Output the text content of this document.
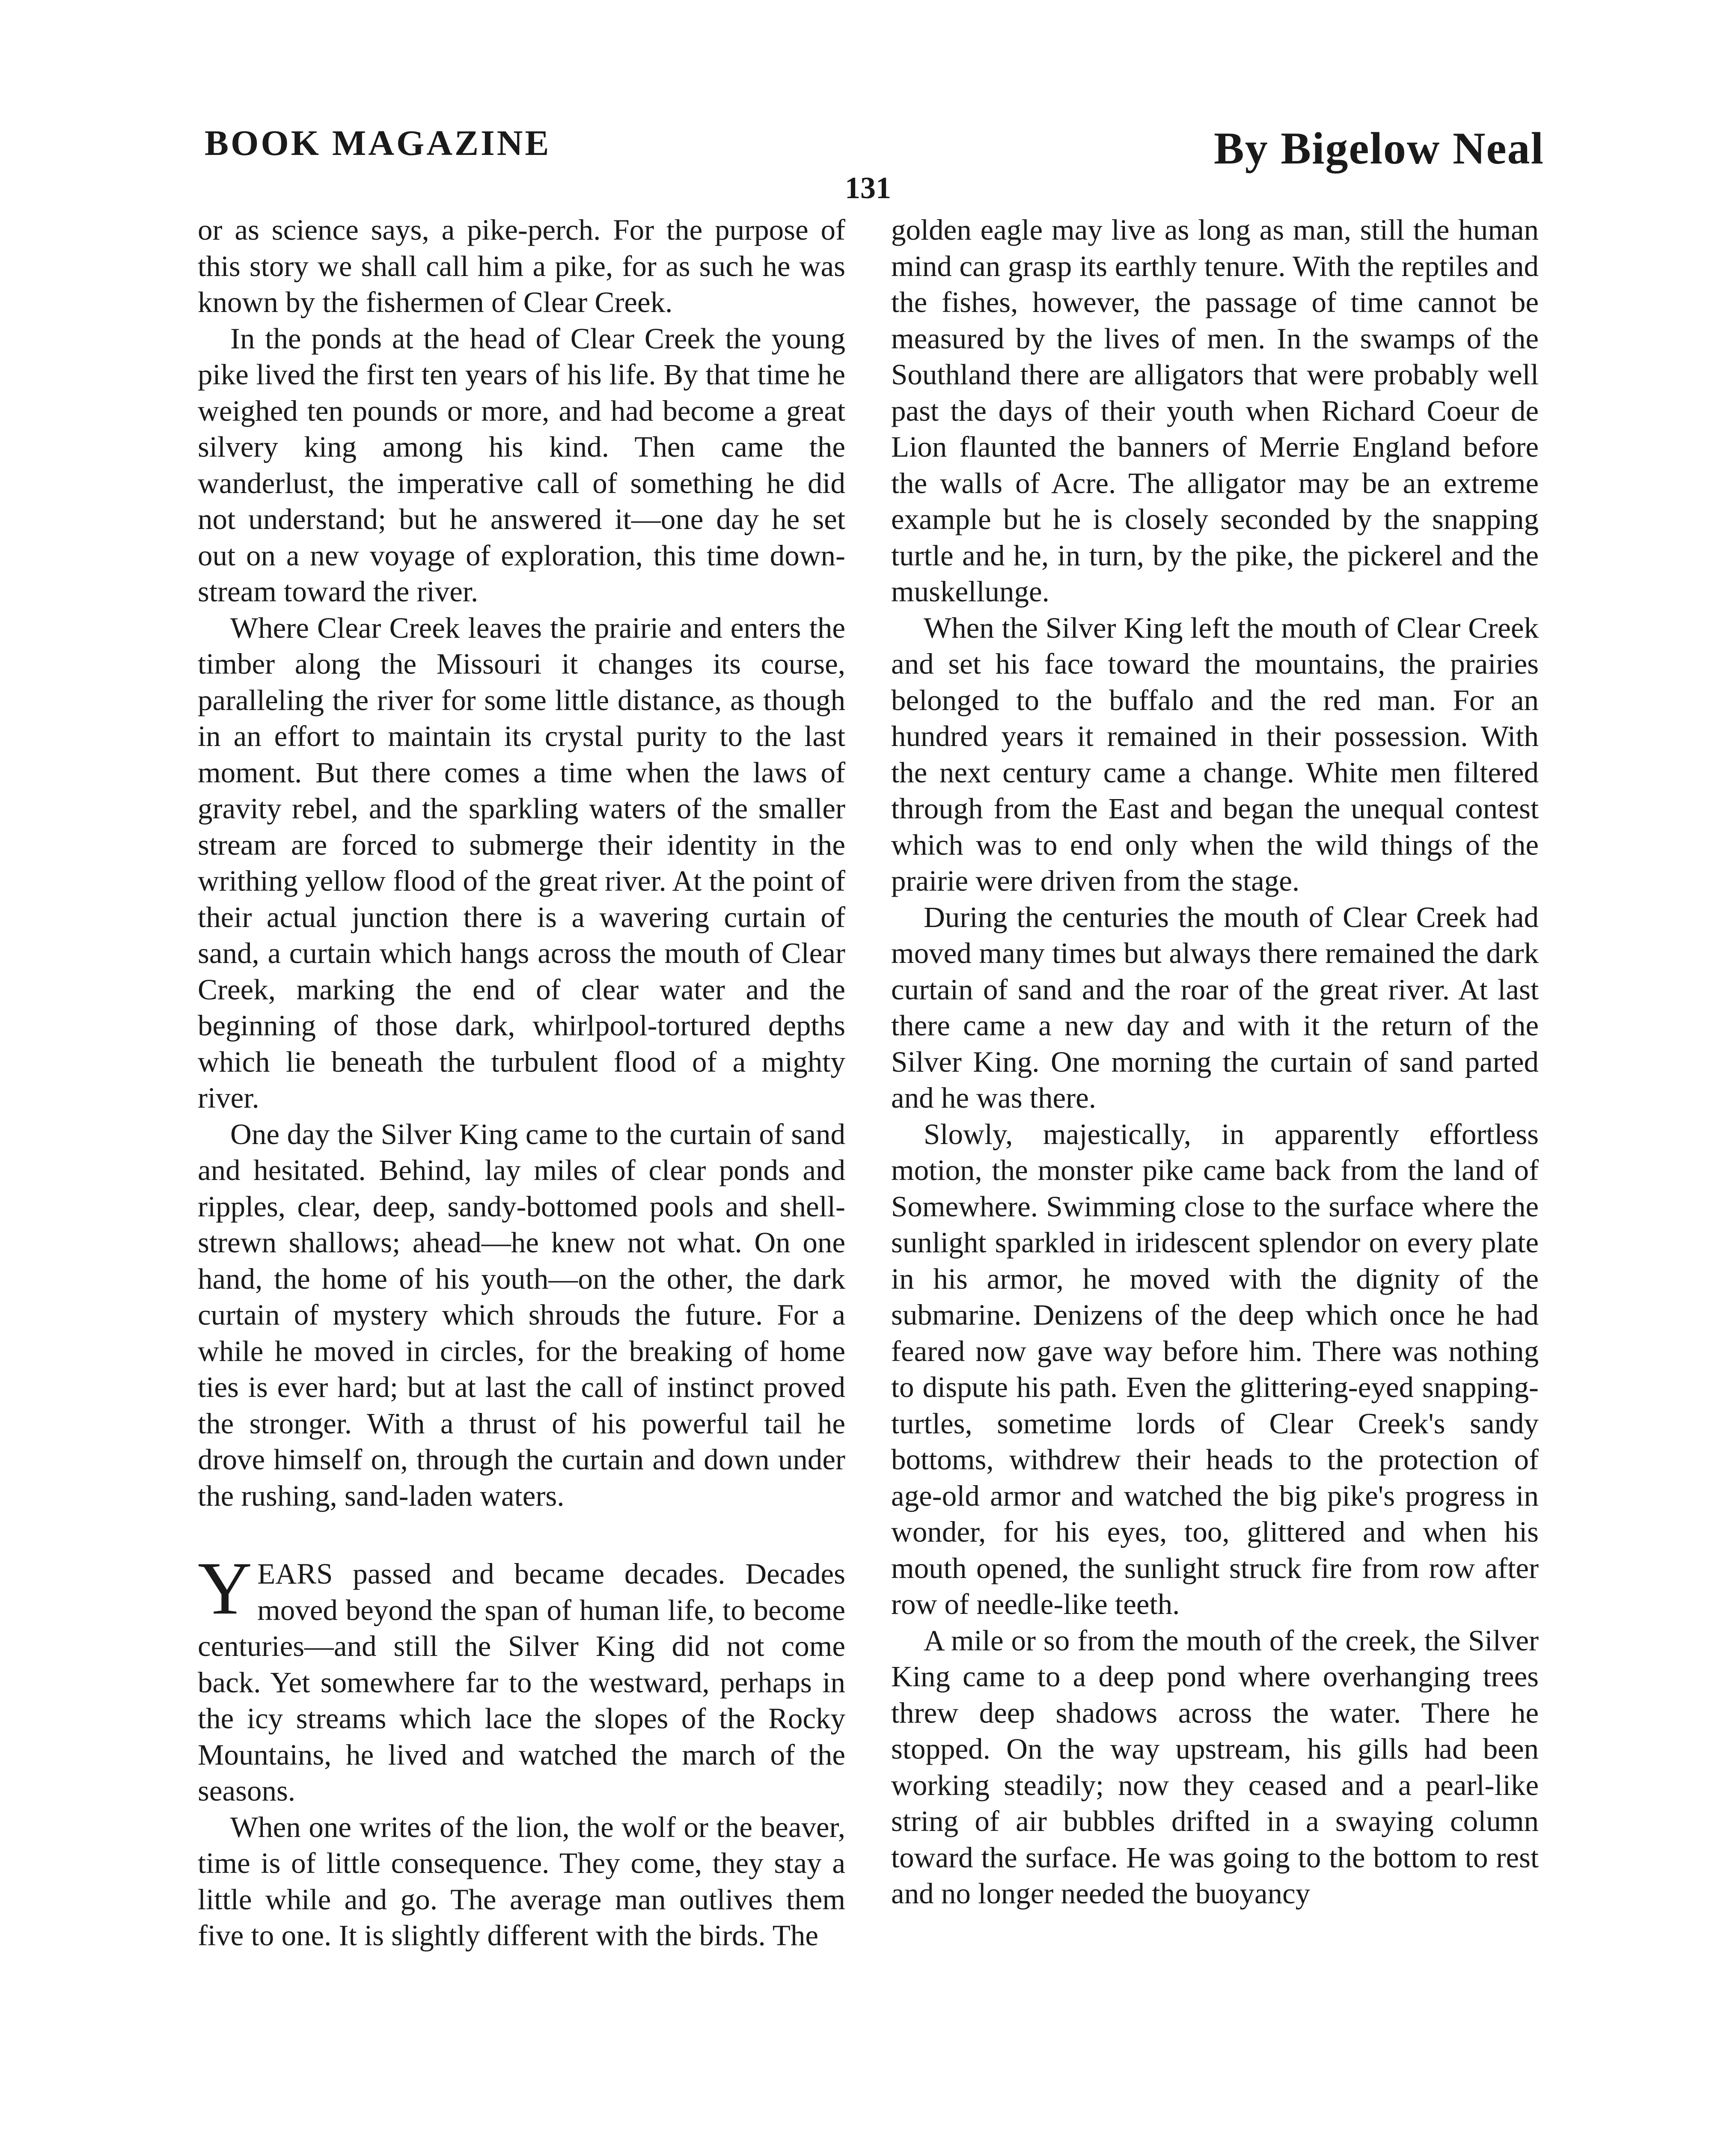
BOOK MAGAZINE	By Bigelow Neal
131

or as science says, a pike-perch. For the purpose of this story we shall call him a pike, for as such he was known by the fishermen of Clear Creek.

In the ponds at the head of Clear Creek the young pike lived the first ten years of his life. By that time he weighed ten pounds or more, and had become a great silvery king among his kind. Then came the wanderlust, the imperative call of something he did not understand; but he answered it—one day he set out on a new voyage of exploration, this time down-stream toward the river.

Where Clear Creek leaves the prairie and enters the timber along the Missouri it changes its course, paralleling the river for some little distance, as though in an effort to maintain its crystal purity to the last moment. But there comes a time when the laws of gravity rebel, and the sparkling waters of the smaller stream are forced to submerge their identity in the writhing yellow flood of the great river. At the point of their actual junction there is a wavering curtain of sand, a curtain which hangs across the mouth of Clear Creek, marking the end of clear water and the beginning of those dark, whirlpool-tortured depths which lie beneath the turbulent flood of a mighty river.

One day the Silver King came to the curtain of sand and hesitated. Behind, lay miles of clear ponds and ripples, clear, deep, sandy-bottomed pools and shell-strewn shallows; ahead—he knew not what. On one hand, the home of his youth—on the other, the dark curtain of mystery which shrouds the future. For a while he moved in circles, for the breaking of home ties is ever hard; but at last the call of instinct proved the stronger. With a thrust of his powerful tail he drove himself on, through the curtain and down under the rushing, sand-laden waters.

YEARS passed and became decades. Decades moved beyond the span of human life, to become centuries—and still the Silver King did not come back. Yet somewhere far to the westward, perhaps in the icy streams which lace the slopes of the Rocky Mountains, he lived and watched the march of the seasons.

When one writes of the lion, the wolf or the beaver, time is of little consequence. They come, they stay a little while and go. The average man outlives them five to one. It is slightly different with the birds. The

golden eagle may live as long as man, still the human mind can grasp its earthly tenure. With the reptiles and the fishes, however, the passage of time cannot be measured by the lives of men. In the swamps of the Southland there are alligators that were probably well past the days of their youth when Richard Coeur de Lion flaunted the banners of Merrie England before the walls of Acre. The alligator may be an extreme example but he is closely seconded by the snapping turtle and he, in turn, by the pike, the pickerel and the muskellunge.

When the Silver King left the mouth of Clear Creek and set his face toward the mountains, the prairies belonged to the buffalo and the red man. For an hundred years it remained in their possession. With the next century came a change. White men filtered through from the East and began the unequal contest which was to end only when the wild things of the prairie were driven from the stage.

During the centuries the mouth of Clear Creek had moved many times but always there remained the dark curtain of sand and the roar of the great river. At last there came a new day and with it the return of the Silver King. One morning the curtain of sand parted and he was there.

Slowly, majestically, in apparently effortless motion, the monster pike came back from the land of Somewhere. Swimming close to the surface where the sunlight sparkled in iridescent splendor on every plate in his armor, he moved with the dignity of the submarine. Denizens of the deep which once he had feared now gave way before him. There was nothing to dispute his path. Even the glittering-eyed snapping-turtles, sometime lords of Clear Creek's sandy bottoms, withdrew their heads to the protection of age-old armor and watched the big pike's progress in wonder, for his eyes, too, glittered and when his mouth opened, the sunlight struck fire from row after row of needle-like teeth.

A mile or so from the mouth of the creek, the Silver King came to a deep pond where overhanging trees threw deep shadows across the water. There he stopped. On the way upstream, his gills had been working steadily; now they ceased and a pearl-like string of air bubbles drifted in a swaying column toward the surface. He was going to the bottom to rest and no longer needed the buoyancy
